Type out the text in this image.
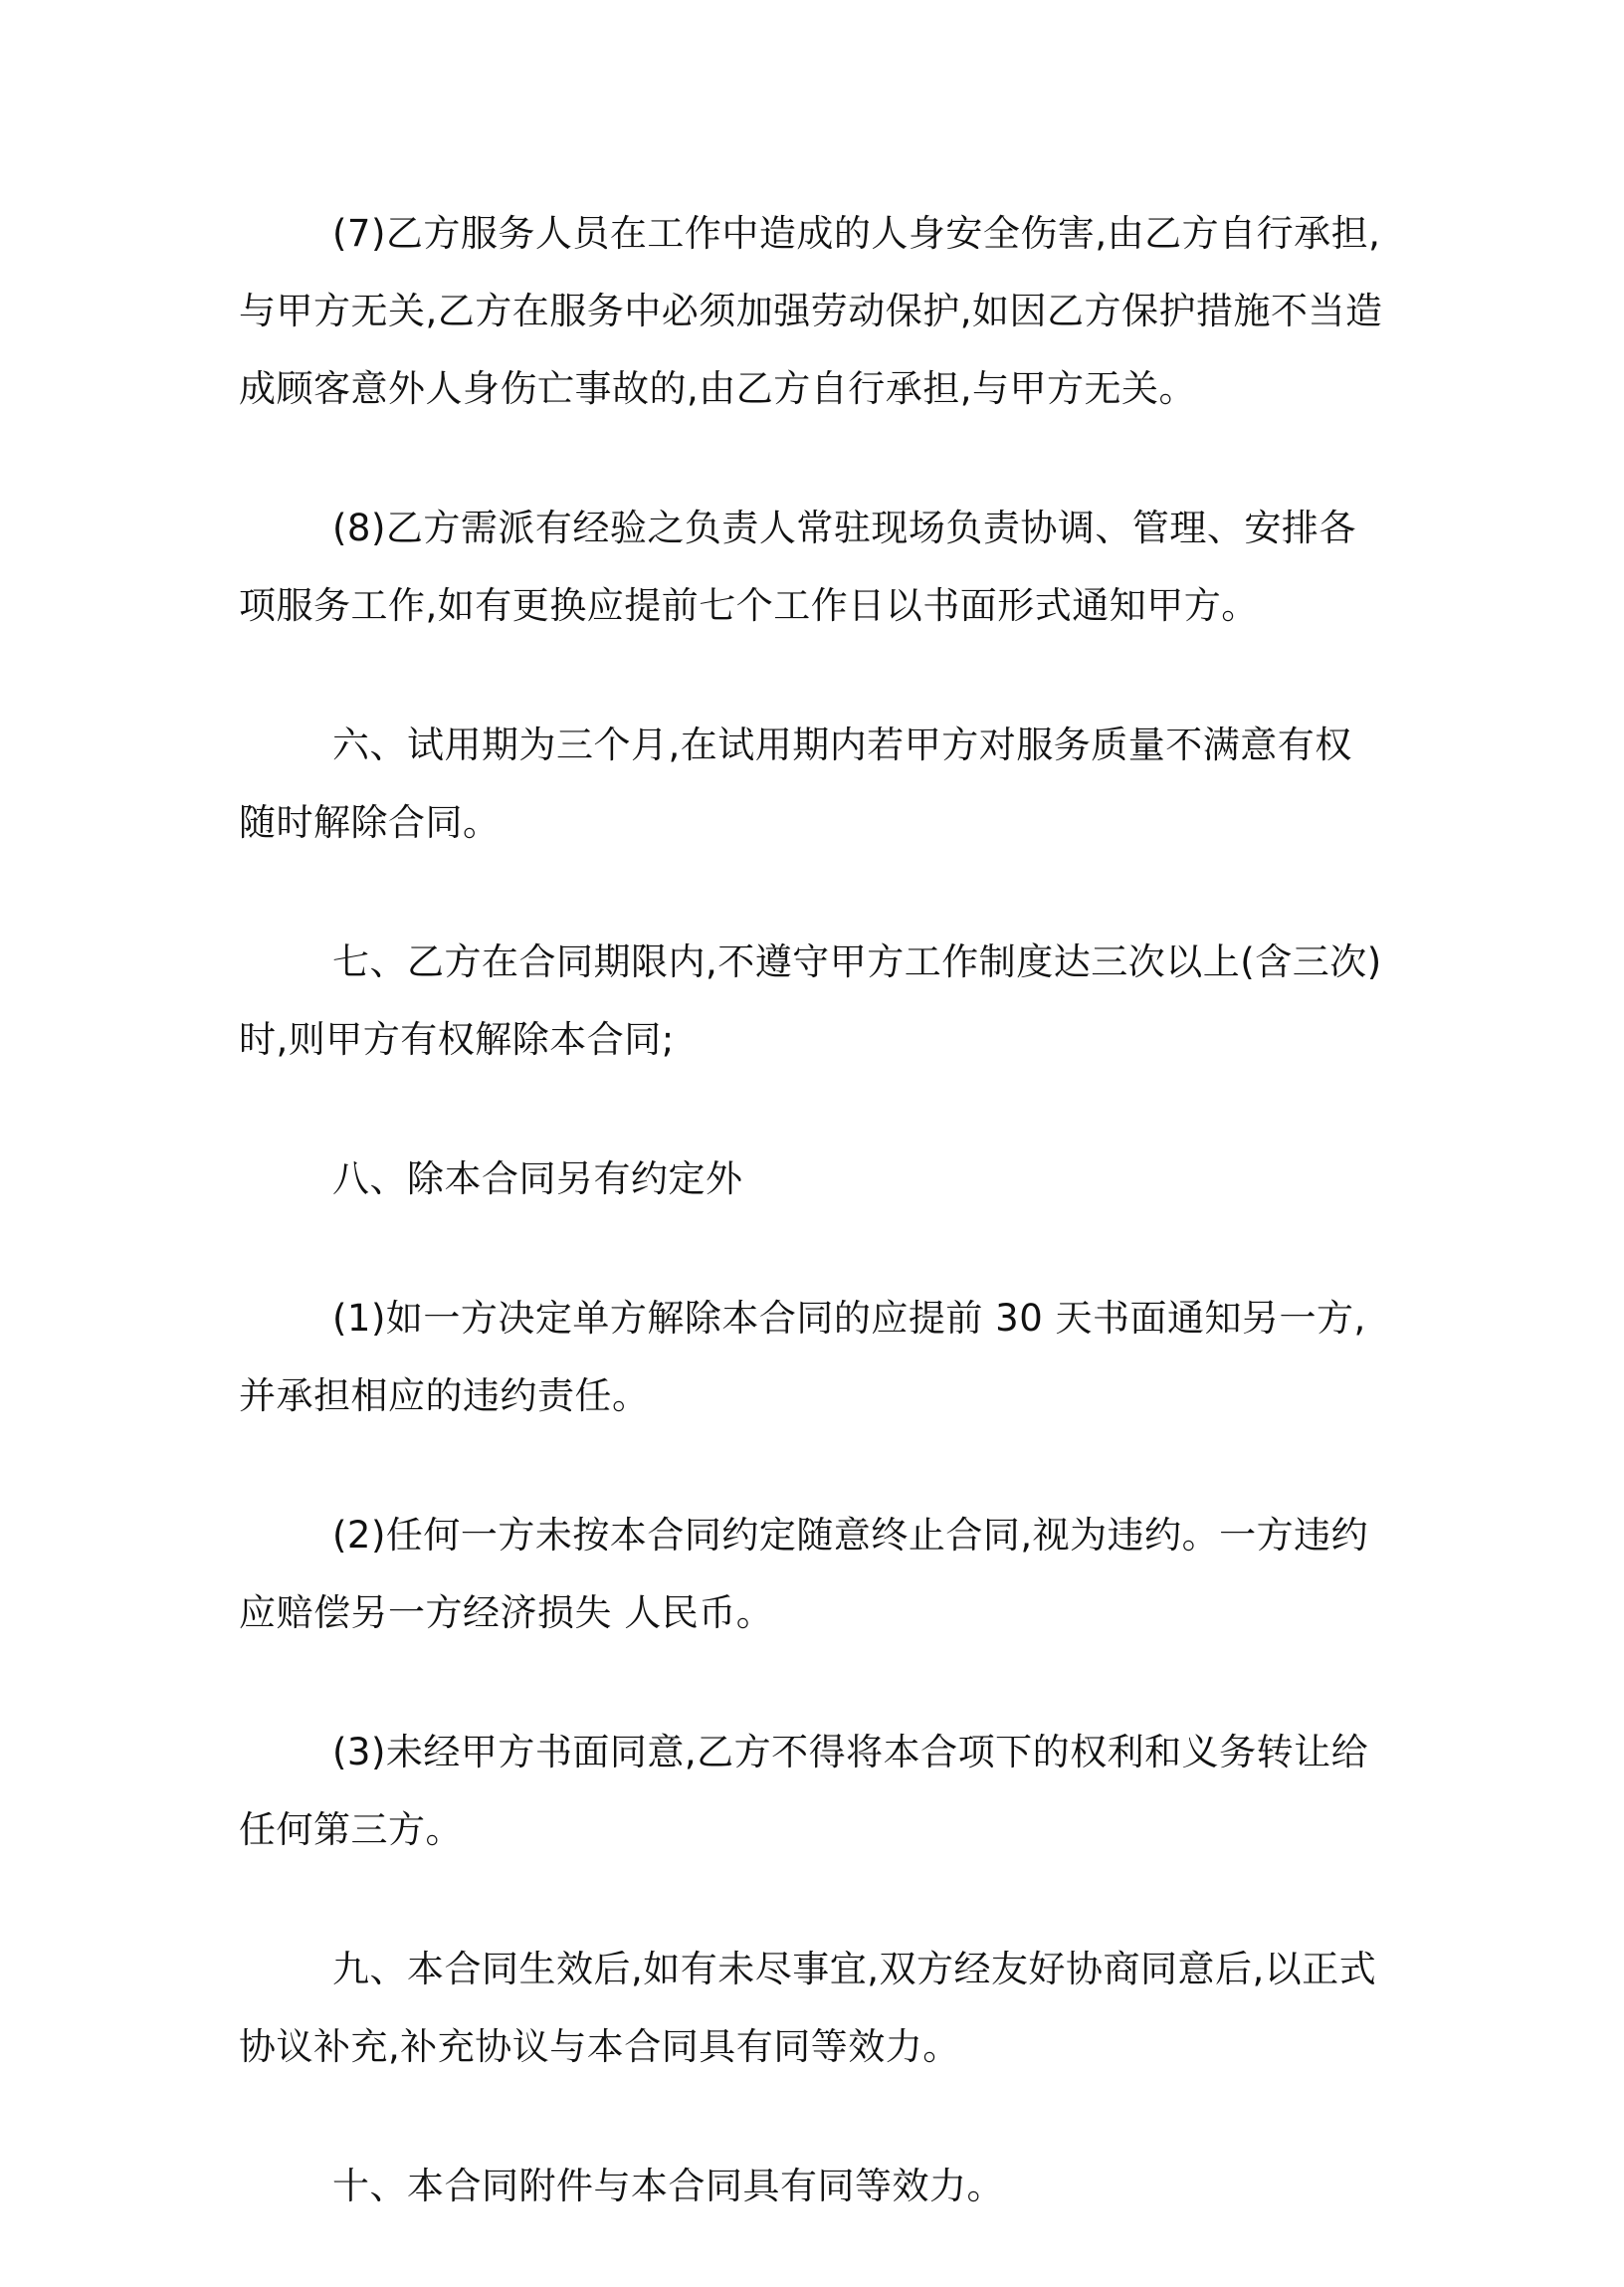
(7)乙方服务人员在工作中造成的人身安全伤害,由乙方自行承担,与甲方无关,乙方在服务中必须加强劳动保护,如因乙方保护措施不当造成顾客意外人身伤亡事故的,由乙方自行承担,与甲方无关。

(8)乙方需派有经验之负责人常驻现场负责协调、管理、安排各项服务工作,如有更换应提前七个工作日以书面形式通知甲方。

六、试用期为三个月,在试用期内若甲方对服务质量不满意有权随时解除合同。

七、乙方在合同期限内,不遵守甲方工作制度达三次以上(含三次)时,则甲方有权解除本合同;

八、除本合同另有约定外

(1)如一方决定单方解除本合同的应提前 30 天书面通知另一方,并承担相应的违约责任。

(2)任何一方未按本合同约定随意终止合同,视为违约。一方违约应赔偿另一方经济损失 人民币。

(3)未经甲方书面同意,乙方不得将本合项下的权利和义务转让给任何第三方。

九、本合同生效后,如有未尽事宜,双方经友好协商同意后,以正式协议补充,补充协议与本合同具有同等效力。

十、本合同附件与本合同具有同等效力。
